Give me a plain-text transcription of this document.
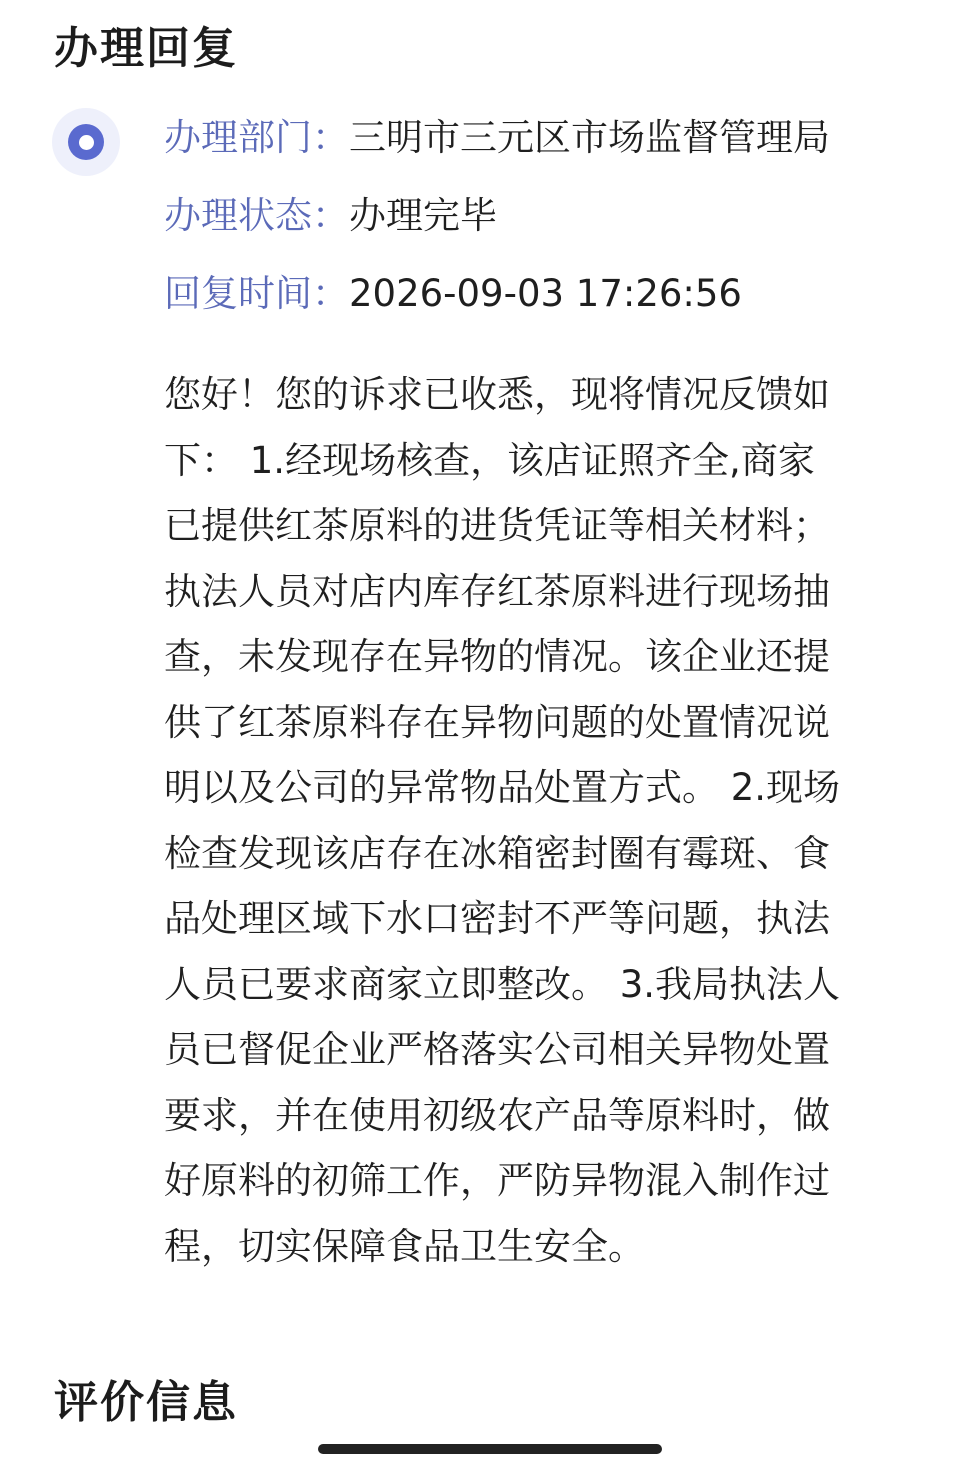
办理回复
办理部门：三明市三元区市场监督管理局
办理状态：办理完毕
回复时间：2026-09-03 17:26:56
您好！您的诉求已收悉，现将情况反馈如
下： 1.经现场核查，该店证照齐全,商家
已提供红茶原料的进货凭证等相关材料；
执法人员对店内库存红茶原料进行现场抽
查，未发现存在异物的情况。该企业还提
供了红茶原料存在异物问题的处置情况说
明以及公司的异常物品处置方式。 2.现场
检查发现该店存在冰箱密封圈有霉斑、食
品处理区域下水口密封不严等问题，执法
人员已要求商家立即整改。 3.我局执法人
员已督促企业严格落实公司相关异物处置
要求，并在使用初级农产品等原料时，做
好原料的初筛工作，严防异物混入制作过
程，切实保障食品卫生安全。
评价信息
